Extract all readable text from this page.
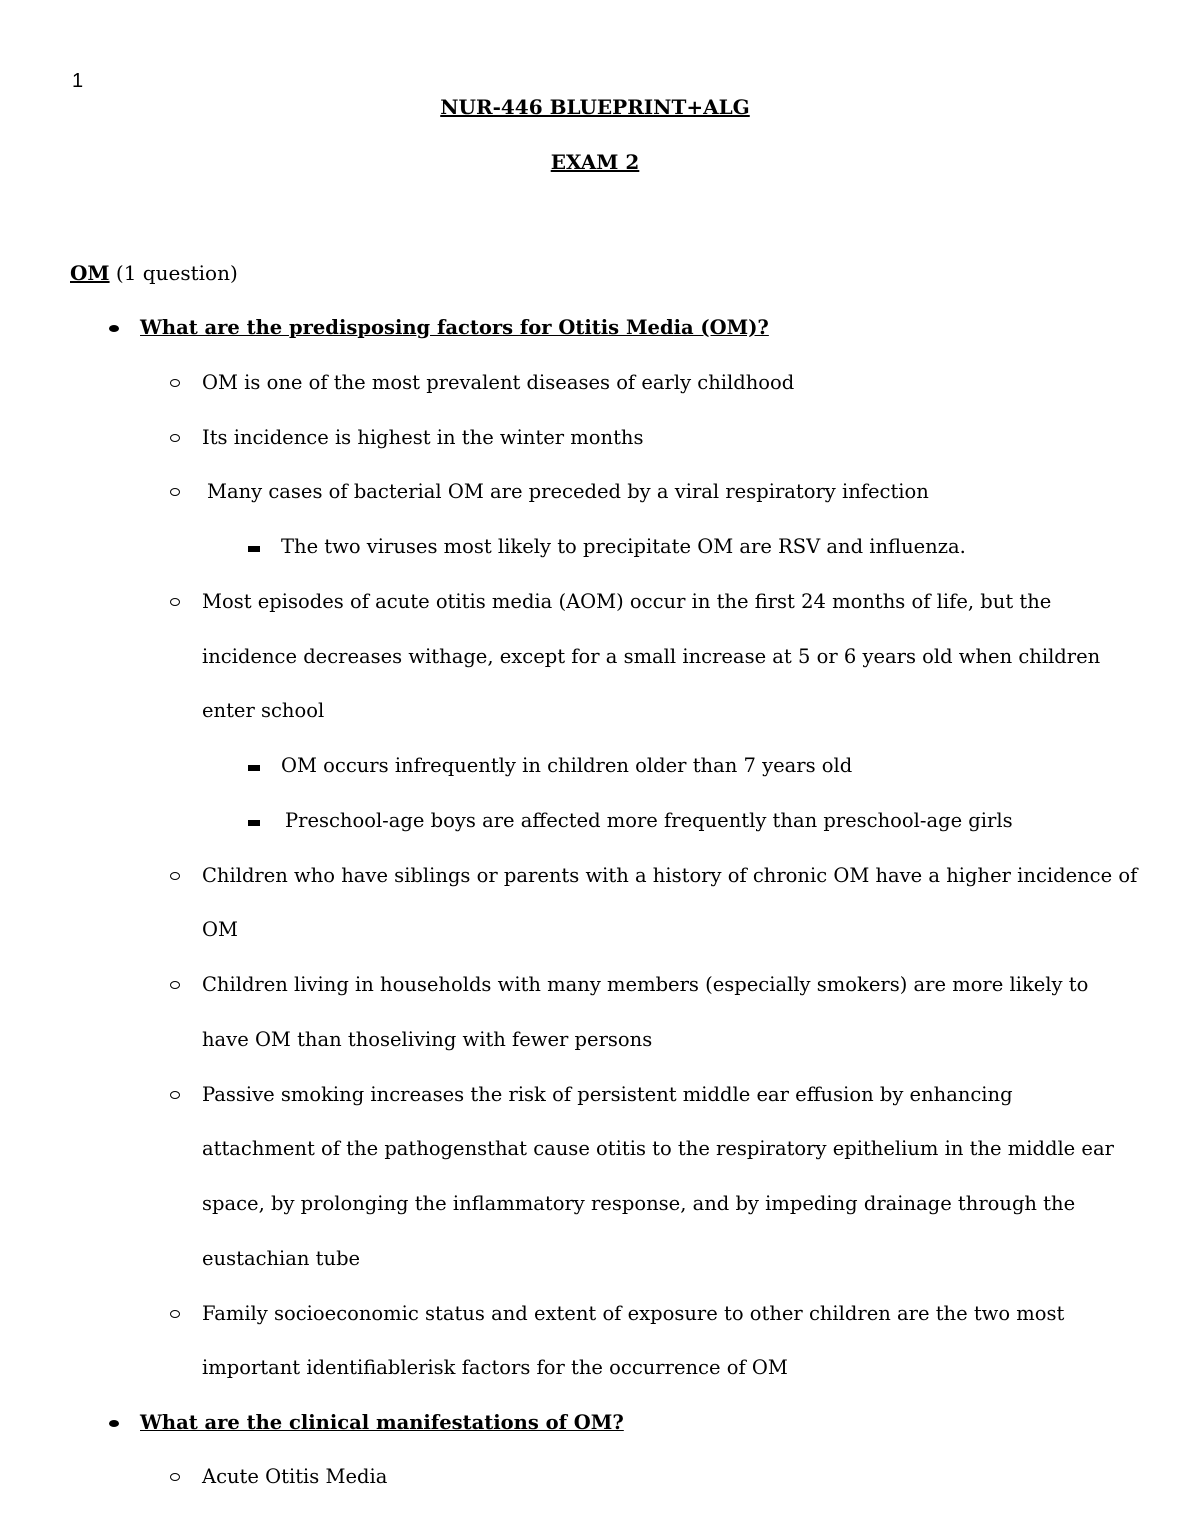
1
NUR-446 BLUEPRINT+ALG
EXAM 2
OM (1 question)
What are the predisposing factors for Otitis Media (OM)?
OM is one of the most prevalent diseases of early childhood
Its incidence is highest in the winter months
Many cases of bacterial OM are preceded by a viral respiratory infection
The two viruses most likely to precipitate OM are RSV and influenza.
Most episodes of acute otitis media (AOM) occur in the first 24 months of life, but the
incidence decreases withage, except for a small increase at 5 or 6 years old when children
enter school
OM occurs infrequently in children older than 7 years old
Preschool-age boys are affected more frequently than preschool-age girls
Children who have siblings or parents with a history of chronic OM have a higher incidence of
OM
Children living in households with many members (especially smokers) are more likely to
have OM than thoseliving with fewer persons
Passive smoking increases the risk of persistent middle ear effusion by enhancing
attachment of the pathogensthat cause otitis to the respiratory epithelium in the middle ear
space, by prolonging the inflammatory response, and by impeding drainage through the
eustachian tube
Family socioeconomic status and extent of exposure to other children are the two most
important identifiablerisk factors for the occurrence of OM
What are the clinical manifestations of OM?
Acute Otitis Media
